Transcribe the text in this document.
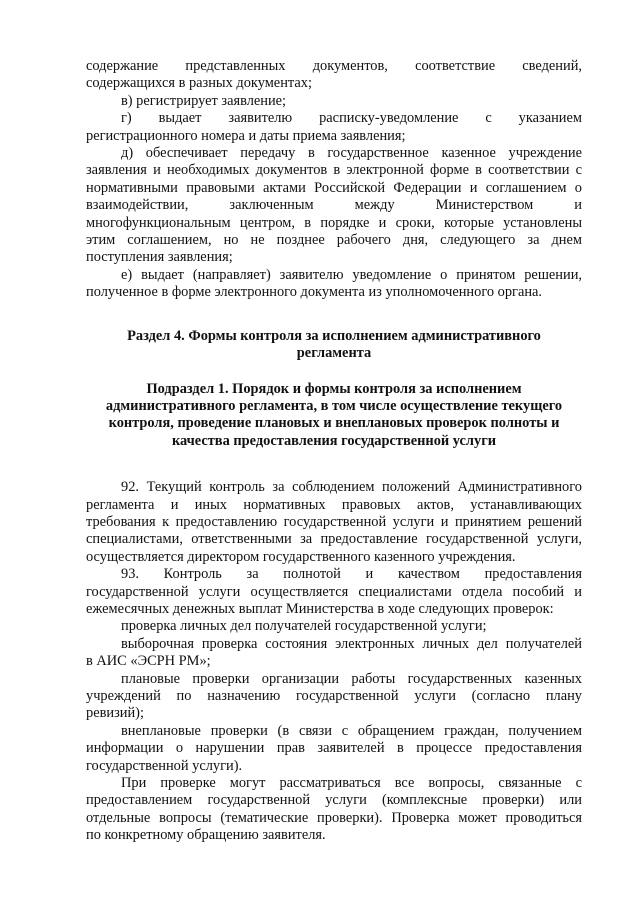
содержание представленных документов, соответствие сведений,

содержащихся в разных документах;

в) регистрирует заявление;

г) выдает заявителю расписку-уведомление с указанием

регистрационного номера и даты приема заявления;

д) обеспечивает передачу в государственное казенное учреждение

заявления и необходимых документов в электронной форме в соответствии с

нормативными правовыми актами Российской Федерации и соглашением о

взаимодействии, заключенным между Министерством и

многофункциональным центром, в порядке и сроки, которые установлены

этим соглашением, но не позднее рабочего дня, следующего за днем

поступления заявления;

е) выдает (направляет) заявителю уведомление о принятом решении,

полученное в форме электронного документа из уполномоченного органа.

Раздел 4. Формы контроля за исполнением административного

регламента

Подраздел 1. Порядок и формы контроля за исполнением

административного регламента, в том числе осуществление текущего

контроля, проведение плановых и внеплановых проверок полноты и

качества предоставления государственной услуги

92. Текущий контроль за соблюдением положений Административного

регламента и иных нормативных правовых актов, устанавливающих

требования к предоставлению государственной услуги и принятием решений

специалистами, ответственными за предоставление государственной услуги,

осуществляется директором государственного казенного учреждения.

93. Контроль за полнотой и качеством предоставления

государственной услуги осуществляется специалистами отдела пособий и

ежемесячных денежных выплат Министерства в ходе следующих проверок:

проверка личных дел получателей государственной услуги;

выборочная проверка состояния электронных личных дел получателей

в АИС «ЭСРН РМ»;

плановые проверки организации работы государственных казенных

учреждений по назначению государственной услуги (согласно плану

ревизий);

внеплановые проверки (в связи с обращением граждан, получением

информации о нарушении прав заявителей в процессе предоставления

государственной услуги).

При проверке могут рассматриваться все вопросы, связанные с

предоставлением государственной услуги (комплексные проверки) или

отдельные вопросы (тематические проверки). Проверка может проводиться

по конкретному обращению заявителя.
